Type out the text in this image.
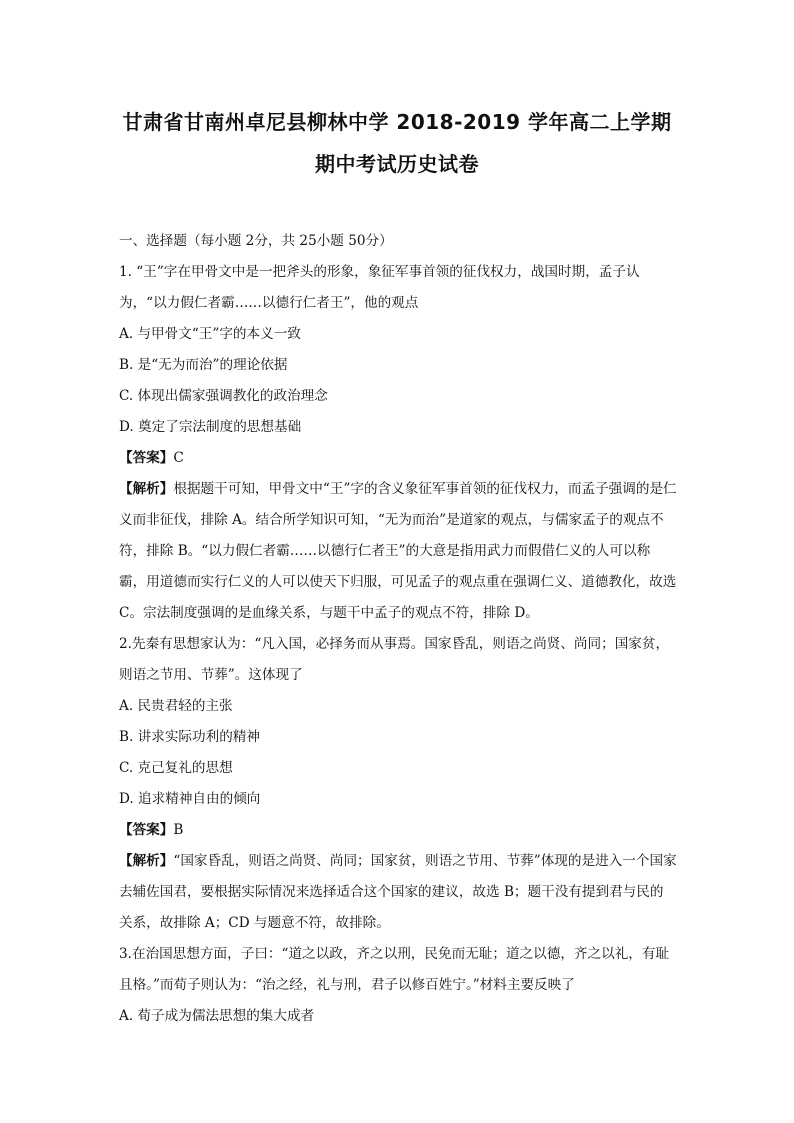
甘肃省甘南州卓尼县柳林中学 2018-2019 学年高二上学期
期中考试历史试卷

一、选择题（每小题 2分，共 25小题 50分）

1. “王”字在甲骨文中是一把斧头的形象，象征军事首领的征伐权力，战国时期，孟子认为，“以力假仁者霸……以德行仁者王”，他的观点

A. 与甲骨文“王”字的本义一致

B. 是“无为而治”的理论依据

C. 体现出儒家强调教化的政治理念

D. 奠定了宗法制度的思想基础

【答案】C

【解析】根据题干可知，甲骨文中“王”字的含义象征军事首领的征伐权力，而孟子强调的是仁义而非征伐，排除 A。结合所学知识可知，“无为而治”是道家的观点，与儒家孟子的观点不符，排除 B。“以力假仁者霸……以德行仁者王”的大意是指用武力而假借仁义的人可以称霸，用道德而实行仁义的人可以使天下归服，可见孟子的观点重在强调仁义、道德教化，故选 C。宗法制度强调的是血缘关系，与题干中孟子的观点不符，排除 D。

2.先秦有思想家认为：“凡入国，必择务而从事焉。国家昏乱，则语之尚贤、尚同；国家贫，则语之节用、节葬”。这体现了

A. 民贵君轻的主张

B. 讲求实际功利的精神

C. 克己复礼的思想

D. 追求精神自由的倾向

【答案】B

【解析】“国家昏乱，则语之尚贤、尚同；国家贫，则语之节用、节葬”体现的是进入一个国家去辅佐国君，要根据实际情况来选择适合这个国家的建议，故选 B；题干没有提到君与民的关系，故排除 A；CD 与题意不符，故排除。

3.在治国思想方面，子曰：“道之以政，齐之以刑，民免而无耻；道之以德，齐之以礼，有耻且格。”而荀子则认为：“治之经，礼与刑，君子以修百姓宁。”材料主要反映了

A. 荀子成为儒法思想的集大成者
